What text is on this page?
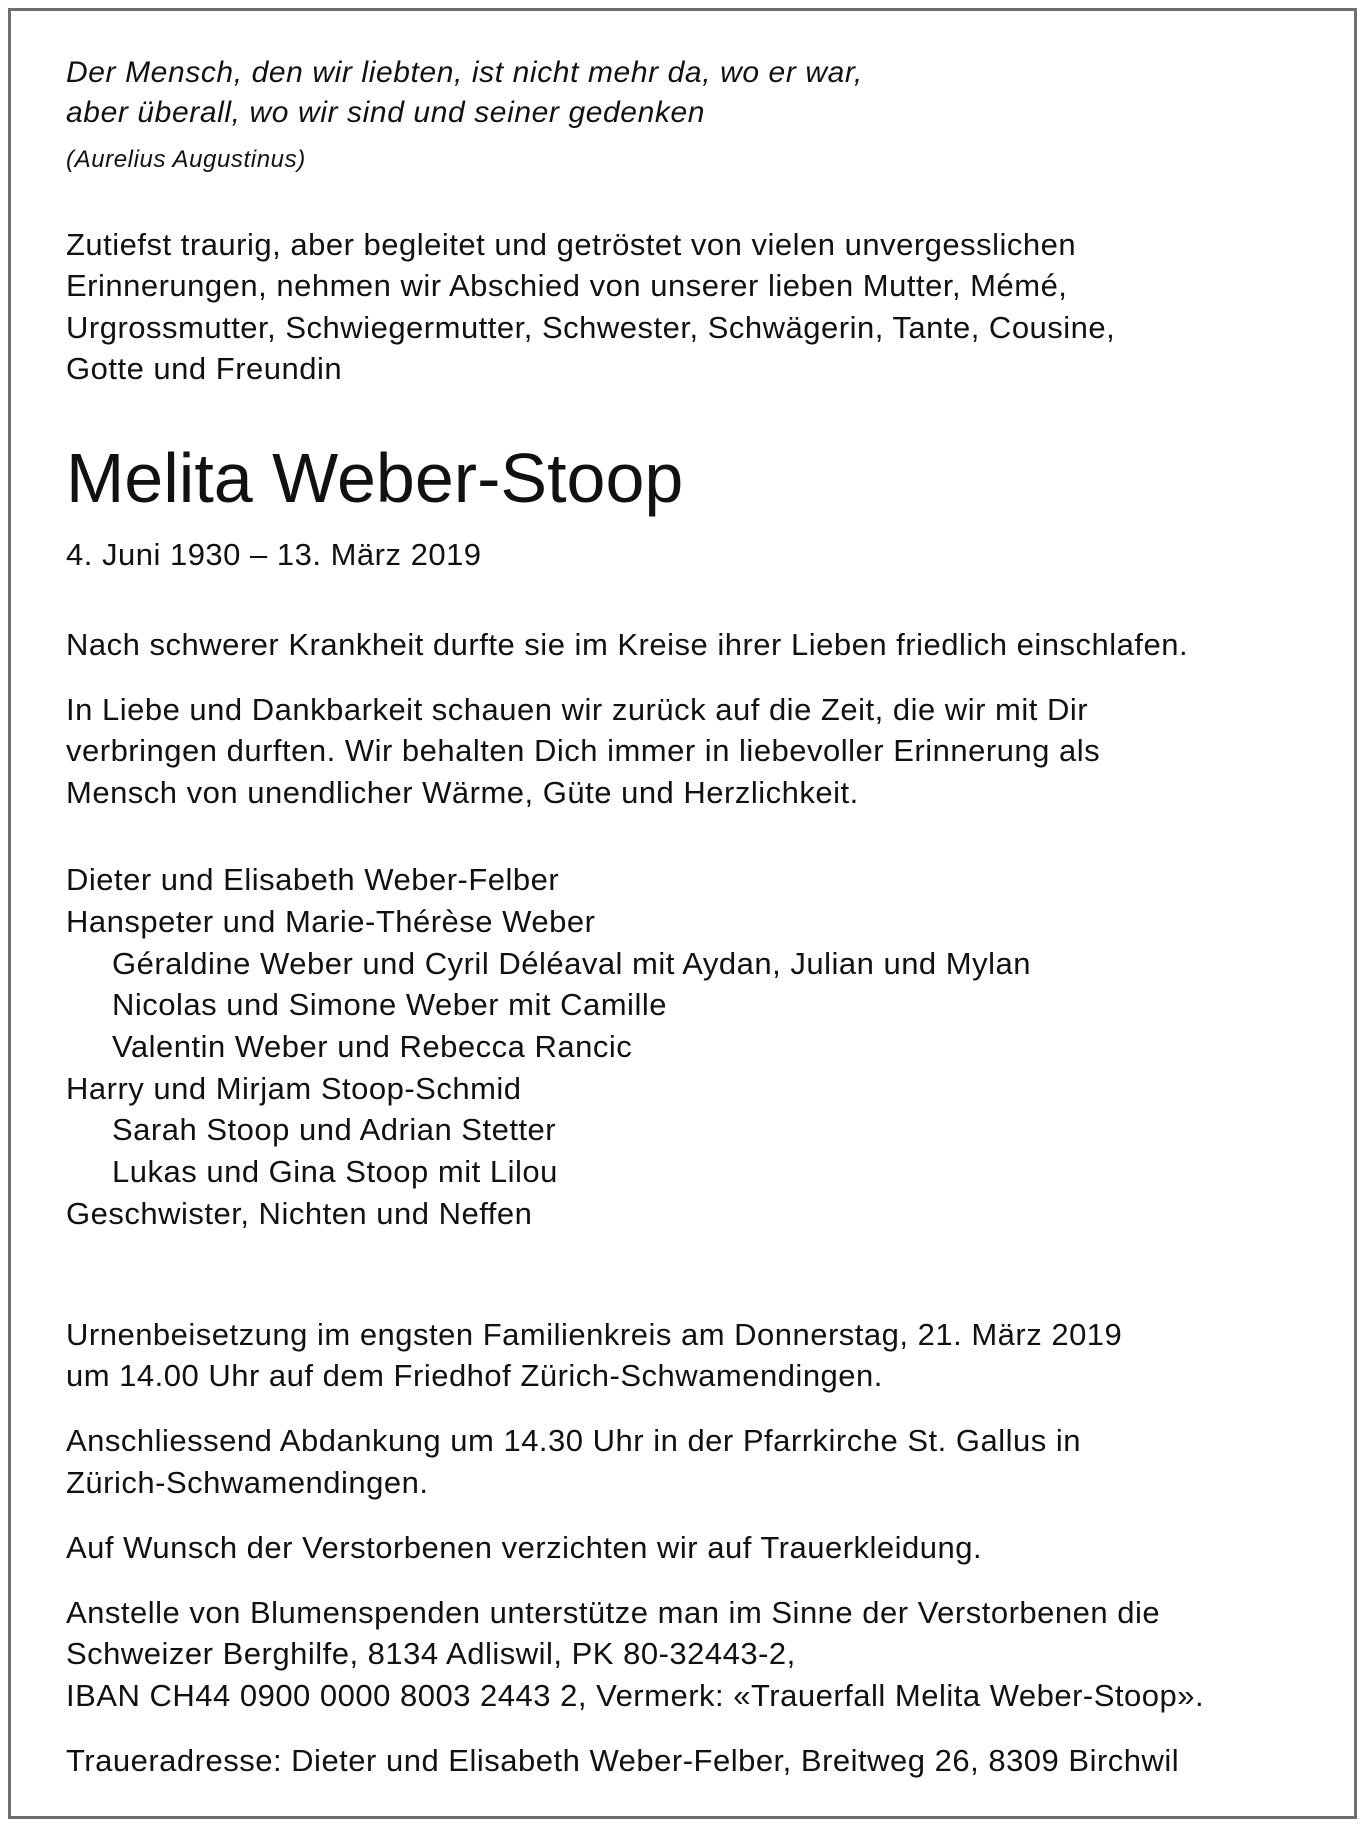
Der Mensch, den wir liebten, ist nicht mehr da, wo er war,

aber überall, wo wir sind und seiner gedenken

(Aurelius Augustinus)

Zutiefst traurig, aber begleitet und getröstet von vielen unvergesslichen

Erinnerungen, nehmen wir Abschied von unserer lieben Mutter, Mémé,

Urgrossmutter, Schwiegermutter, Schwester, Schwägerin, Tante, Cousine,

Gotte und Freundin

Melita Weber-Stoop

4. Juni 1930 – 13. März 2019

Nach schwerer Krankheit durfte sie im Kreise ihrer Lieben friedlich einschlafen.

In Liebe und Dankbarkeit schauen wir zurück auf die Zeit, die wir mit Dir

verbringen durften. Wir behalten Dich immer in liebevoller Erinnerung als

Mensch von unendlicher Wärme, Güte und Herzlichkeit.

Dieter und Elisabeth Weber-Felber

Hanspeter und Marie-Thérèse Weber

Géraldine Weber und Cyril Déléaval mit Aydan, Julian und Mylan

Nicolas und Simone Weber mit Camille

Valentin Weber und Rebecca Rancic

Harry und Mirjam Stoop-Schmid

Sarah Stoop und Adrian Stetter

Lukas und Gina Stoop mit Lilou

Geschwister, Nichten und Neffen

Urnenbeisetzung im engsten Familienkreis am Donnerstag, 21. März 2019

um 14.00 Uhr auf dem Friedhof Zürich-Schwamendingen.

Anschliessend Abdankung um 14.30 Uhr in der Pfarrkirche St. Gallus in

Zürich-Schwamendingen.

Auf Wunsch der Verstorbenen verzichten wir auf Trauerkleidung.

Anstelle von Blumenspenden unterstütze man im Sinne der Verstorbenen die

Schweizer Berghilfe, 8134 Adliswil, PK 80-32443-2,

IBAN CH44 0900 0000 8003 2443 2, Vermerk: «Trauerfall Melita Weber-Stoop».

Traueradresse: Dieter und Elisabeth Weber-Felber, Breitweg 26, 8309 Birchwil
